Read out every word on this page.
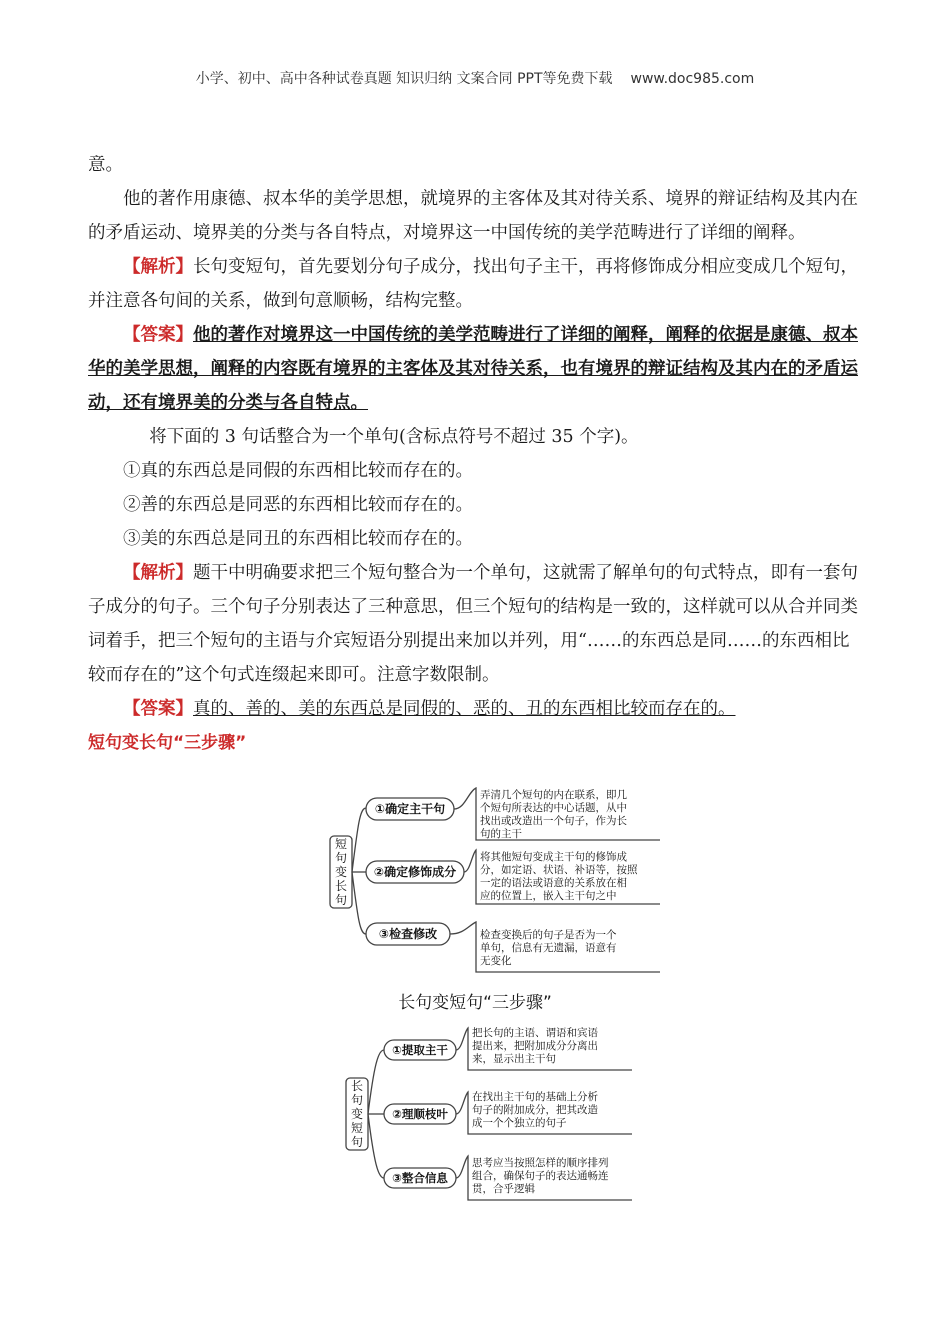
小学、初中、高中各种试卷真题 知识归纳 文案合同 PPT等免费下载 www.doc985.com

意。

他的著作用康德、叔本华的美学思想，就境界的主客体及其对待关系、境界的辩证结构及其内在的矛盾运动、境界美的分类与各自特点，对境界这一中国传统的美学范畴进行了详细的阐释。

【解析】长句变短句，首先要划分句子成分，找出句子主干，再将修饰成分相应变成几个短句，并注意各句间的关系，做到句意顺畅，结构完整。

【答案】他的著作对境界这一中国传统的美学范畴进行了详细的阐释，阐释的依据是康德、叔本华的美学思想，阐释的内容既有境界的主客体及其对待关系，也有境界的辩证结构及其内在的矛盾运动，还有境界美的分类与各自特点。

将下面的 3 句话整合为一个单句(含标点符号不超过 35 个字)。

①真的东西总是同假的东西相比较而存在的。

②善的东西总是同恶的东西相比较而存在的。

③美的东西总是同丑的东西相比较而存在的。

【解析】题干中明确要求把三个短句整合为一个单句，这就需了解单句的句式特点，即有一套句子成分的句子。三个句子分别表达了三种意思，但三个短句的结构是一致的，这样就可以从合并同类词着手，把三个短句的主语与介宾短语分别提出来加以并列，用“……的东西总是同……的东西相比较而存在的”这个句式连缀起来即可。注意字数限制。

【答案】真的、善的、美的东西总是同假的、恶的、丑的东西相比较而存在的。

短句变长句“三步骤”

短
句
变
长
句
①确定主干句
②确定修饰成分
③检查修改
弄清几个短句的内在联系，即几
个短句所表达的中心话题，从中
找出或改造出一个句子，作为长
句的主干
将其他短句变成主干句的修饰成
分，如定语、状语、补语等，按照
一定的语法或语意的关系放在相
应的位置上，嵌入主干句之中
检查变换后的句子是否为一个
单句，信息有无遗漏，语意有
无变化
长句变短句“三步骤”
长
句
变
短
句
①提取主干
②理顺枝叶
③整合信息
把长句的主语、谓语和宾语
提出来，把附加成分分离出
来，显示出主干句
在找出主干句的基础上分析
句子的附加成分，把其改造
成一个个独立的句子
思考应当按照怎样的顺序排列
组合，确保句子的表达通畅连
贯，合乎逻辑
